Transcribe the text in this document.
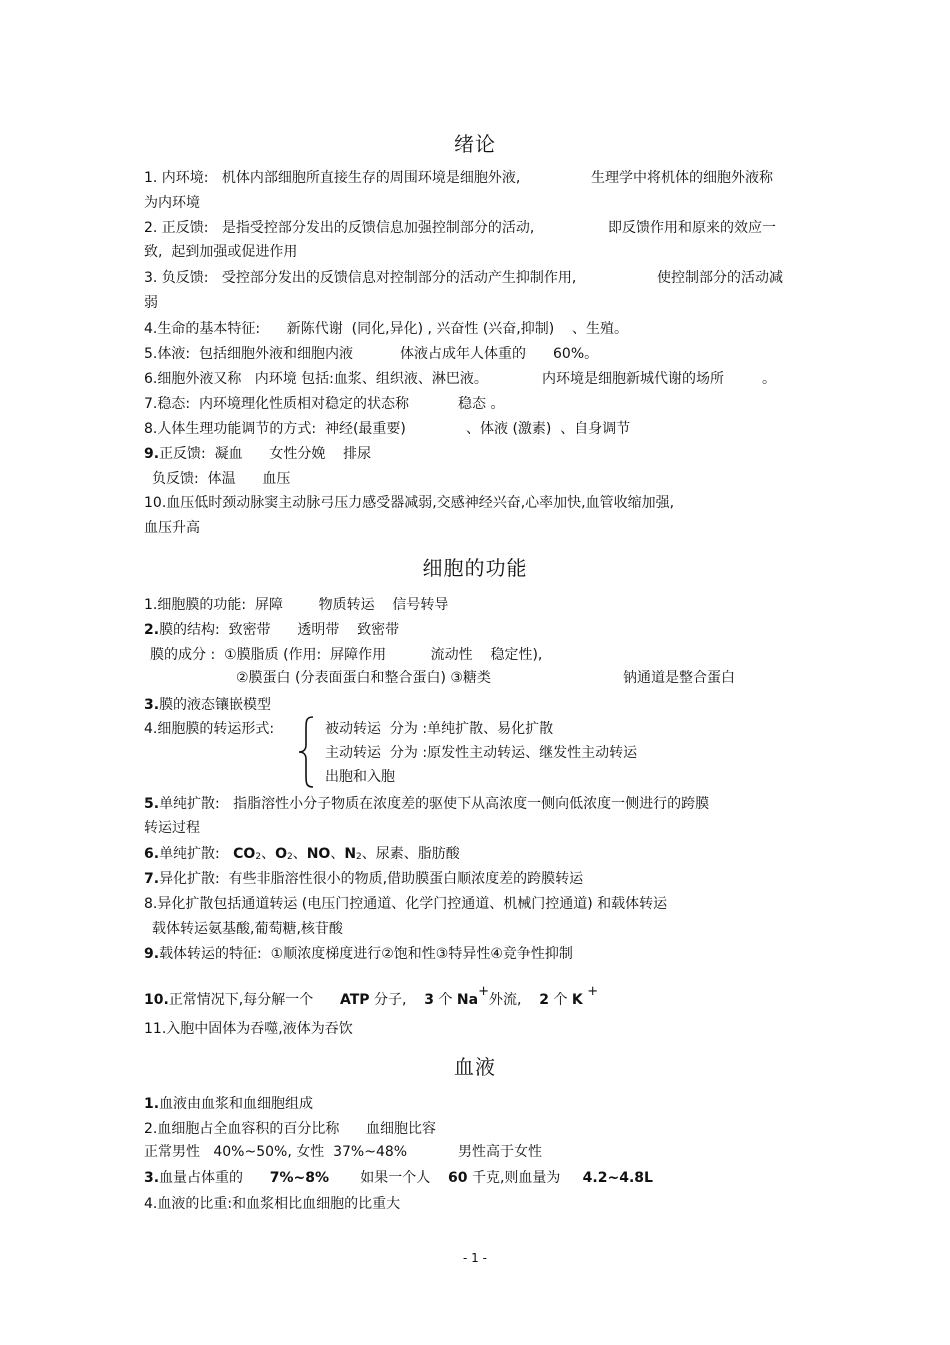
绪论
1. 内环境:   机体内部细胞所直接生存的周围环境是细胞外液,	生理学中将机体的细胞外液称
为内环境
2. 正反馈:   是指受控部分发出的反馈信息加强控制部分的活动,	即反馈作用和原来的效应一
致,  起到加强或促进作用
3. 负反馈:   受控部分发出的反馈信息对控制部分的活动产生抑制作用,	使控制部分的活动减
弱
4.生命的基本特征:      新陈代谢  (同化,异化) , 兴奋性 (兴奋,抑制)    、生殖。
5.体液:  包括细胞外液和细胞内液	体液占成年人体重的 60%。
6.细胞外液又称   内环境 包括:血浆、组织液、淋巴液。	内环境是细胞新城代谢的场所	。
7.稳态:  内环境理化性质相对稳定的状态称	稳态 。
8.人体生理功能调节的方式:  神经(最重要)	、体液 (激素)  、自身调节
9.正反馈:  凝血      女性分娩    排尿
负反馈:  体温      血压
10.血压低时颈动脉窦主动脉弓压力感受器减弱,交感神经兴奋,心率加快,血管收缩加强,
血压升高
细胞的功能
1.细胞膜的功能:  屏障        物质转运    信号转导
2.膜的结构:  致密带      透明带    致密带
膜的成分 :  ①膜脂质 (作用:  屏障作用          流动性    稳定性),
②膜蛋白 (分表面蛋白和整合蛋白) ③糖类	钠通道是整合蛋白
3.膜的液态镶嵌模型
4.细胞膜的转运形式:	被动转运  分为 :单纯扩散、易化扩散
主动转运  分为 :原发性主动转运、继发性主动转运
出胞和入胞
5.单纯扩散:   指脂溶性小分子物质在浓度差的驱使下从高浓度一侧向低浓度一侧进行的跨膜
转运过程
6.单纯扩散: CO2、O2、NO、N2、尿素、脂肪酸
7.异化扩散:  有些非脂溶性很小的物质,借助膜蛋白顺浓度差的跨膜转运
8.异化扩散包括通道转运 (电压门控通道、化学门控通道、机械门控通道) 和载体转运
载体转运氨基酸,葡萄糖,核苷酸
9.载体转运的特征:  ①顺浓度梯度进行②饱和性③特异性④竞争性抑制
10.正常情况下,每分解一个 ATP 分子, 3 个 Na+外流, 2 个 K +
11.入胞中固体为吞噬,液体为吞饮
血液
1.血液由血浆和血细胞组成
2.血细胞占全血容积的百分比称      血细胞比容
正常男性   40%~50%, 女性  37%~48%	男性高于女性
3.血量占体重的 7%~8% 如果一个人 60 千克,则血量为 4.2~4.8L
4.血液的比重:和血浆相比血细胞的比重大
- 1 -
